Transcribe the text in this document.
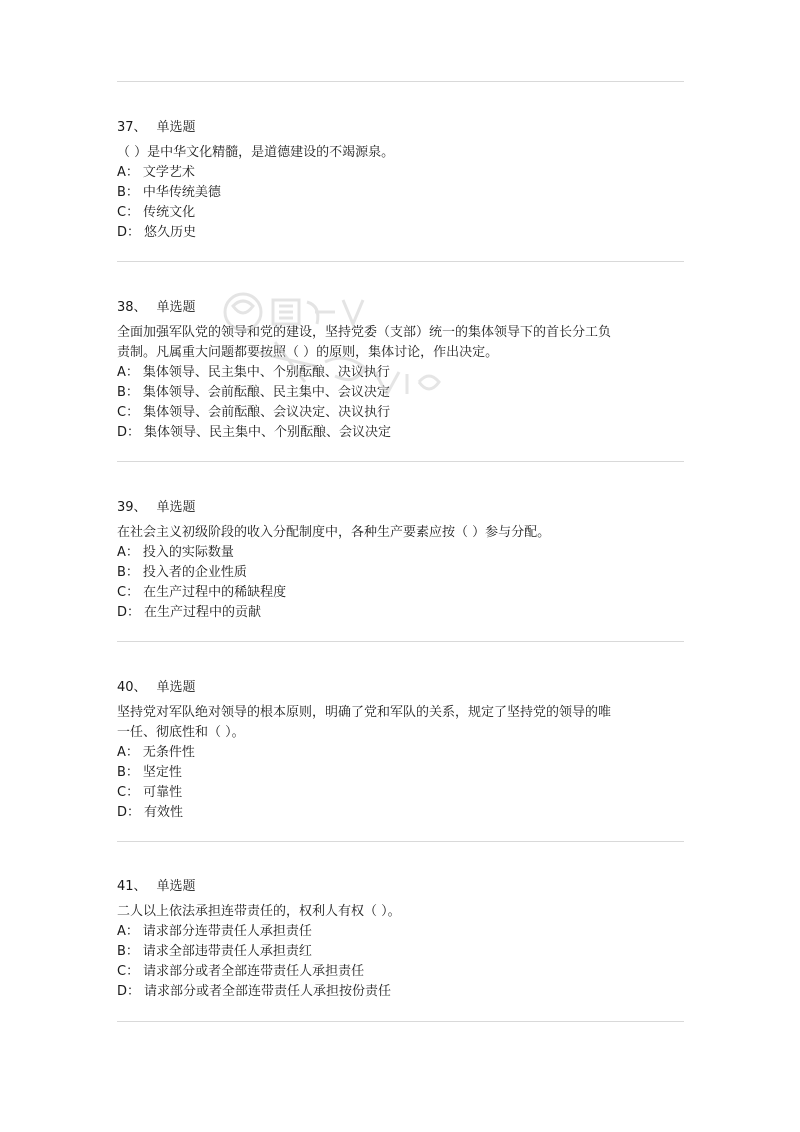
37、 单选题
（ ）是中华文化精髓，是道德建设的不竭源泉。
A： 文学艺术
B： 中华传统美德
C： 传统文化
D： 悠久历史
38、 单选题
全面加强军队党的领导和党的建设，坚持党委（支部）统一的集体领导下的首长分工负
责制。凡属重大问题都要按照（ ）的原则，集体讨论，作出决定。
A： 集体领导、民主集中、个别酝酿、决议执行
B： 集体领导、会前酝酿、民主集中、会议决定
C： 集体领导、会前酝酿、会议决定、决议执行
D： 集体领导、民主集中、个别酝酿、会议决定
39、 单选题
在社会主义初级阶段的收入分配制度中，各种生产要素应按（ ）参与分配。
A： 投入的实际数量
B： 投入者的企业性质
C： 在生产过程中的稀缺程度
D： 在生产过程中的贡献
40、 单选题
坚持党对军队绝对领导的根本原则，明确了党和军队的关系，规定了坚持党的领导的唯
一任、彻底性和（ ）。
A： 无条件性
B： 坚定性
C： 可靠性
D： 有效性
41、 单选题
二人以上依法承担连带责任的，权利人有权（ ）。
A： 请求部分连带责任人承担责任
B： 请求全部违带责任人承担责红
C： 请求部分或者全部连带责任人承担责任
D： 请求部分或者全部连带责任人承担按份责任
